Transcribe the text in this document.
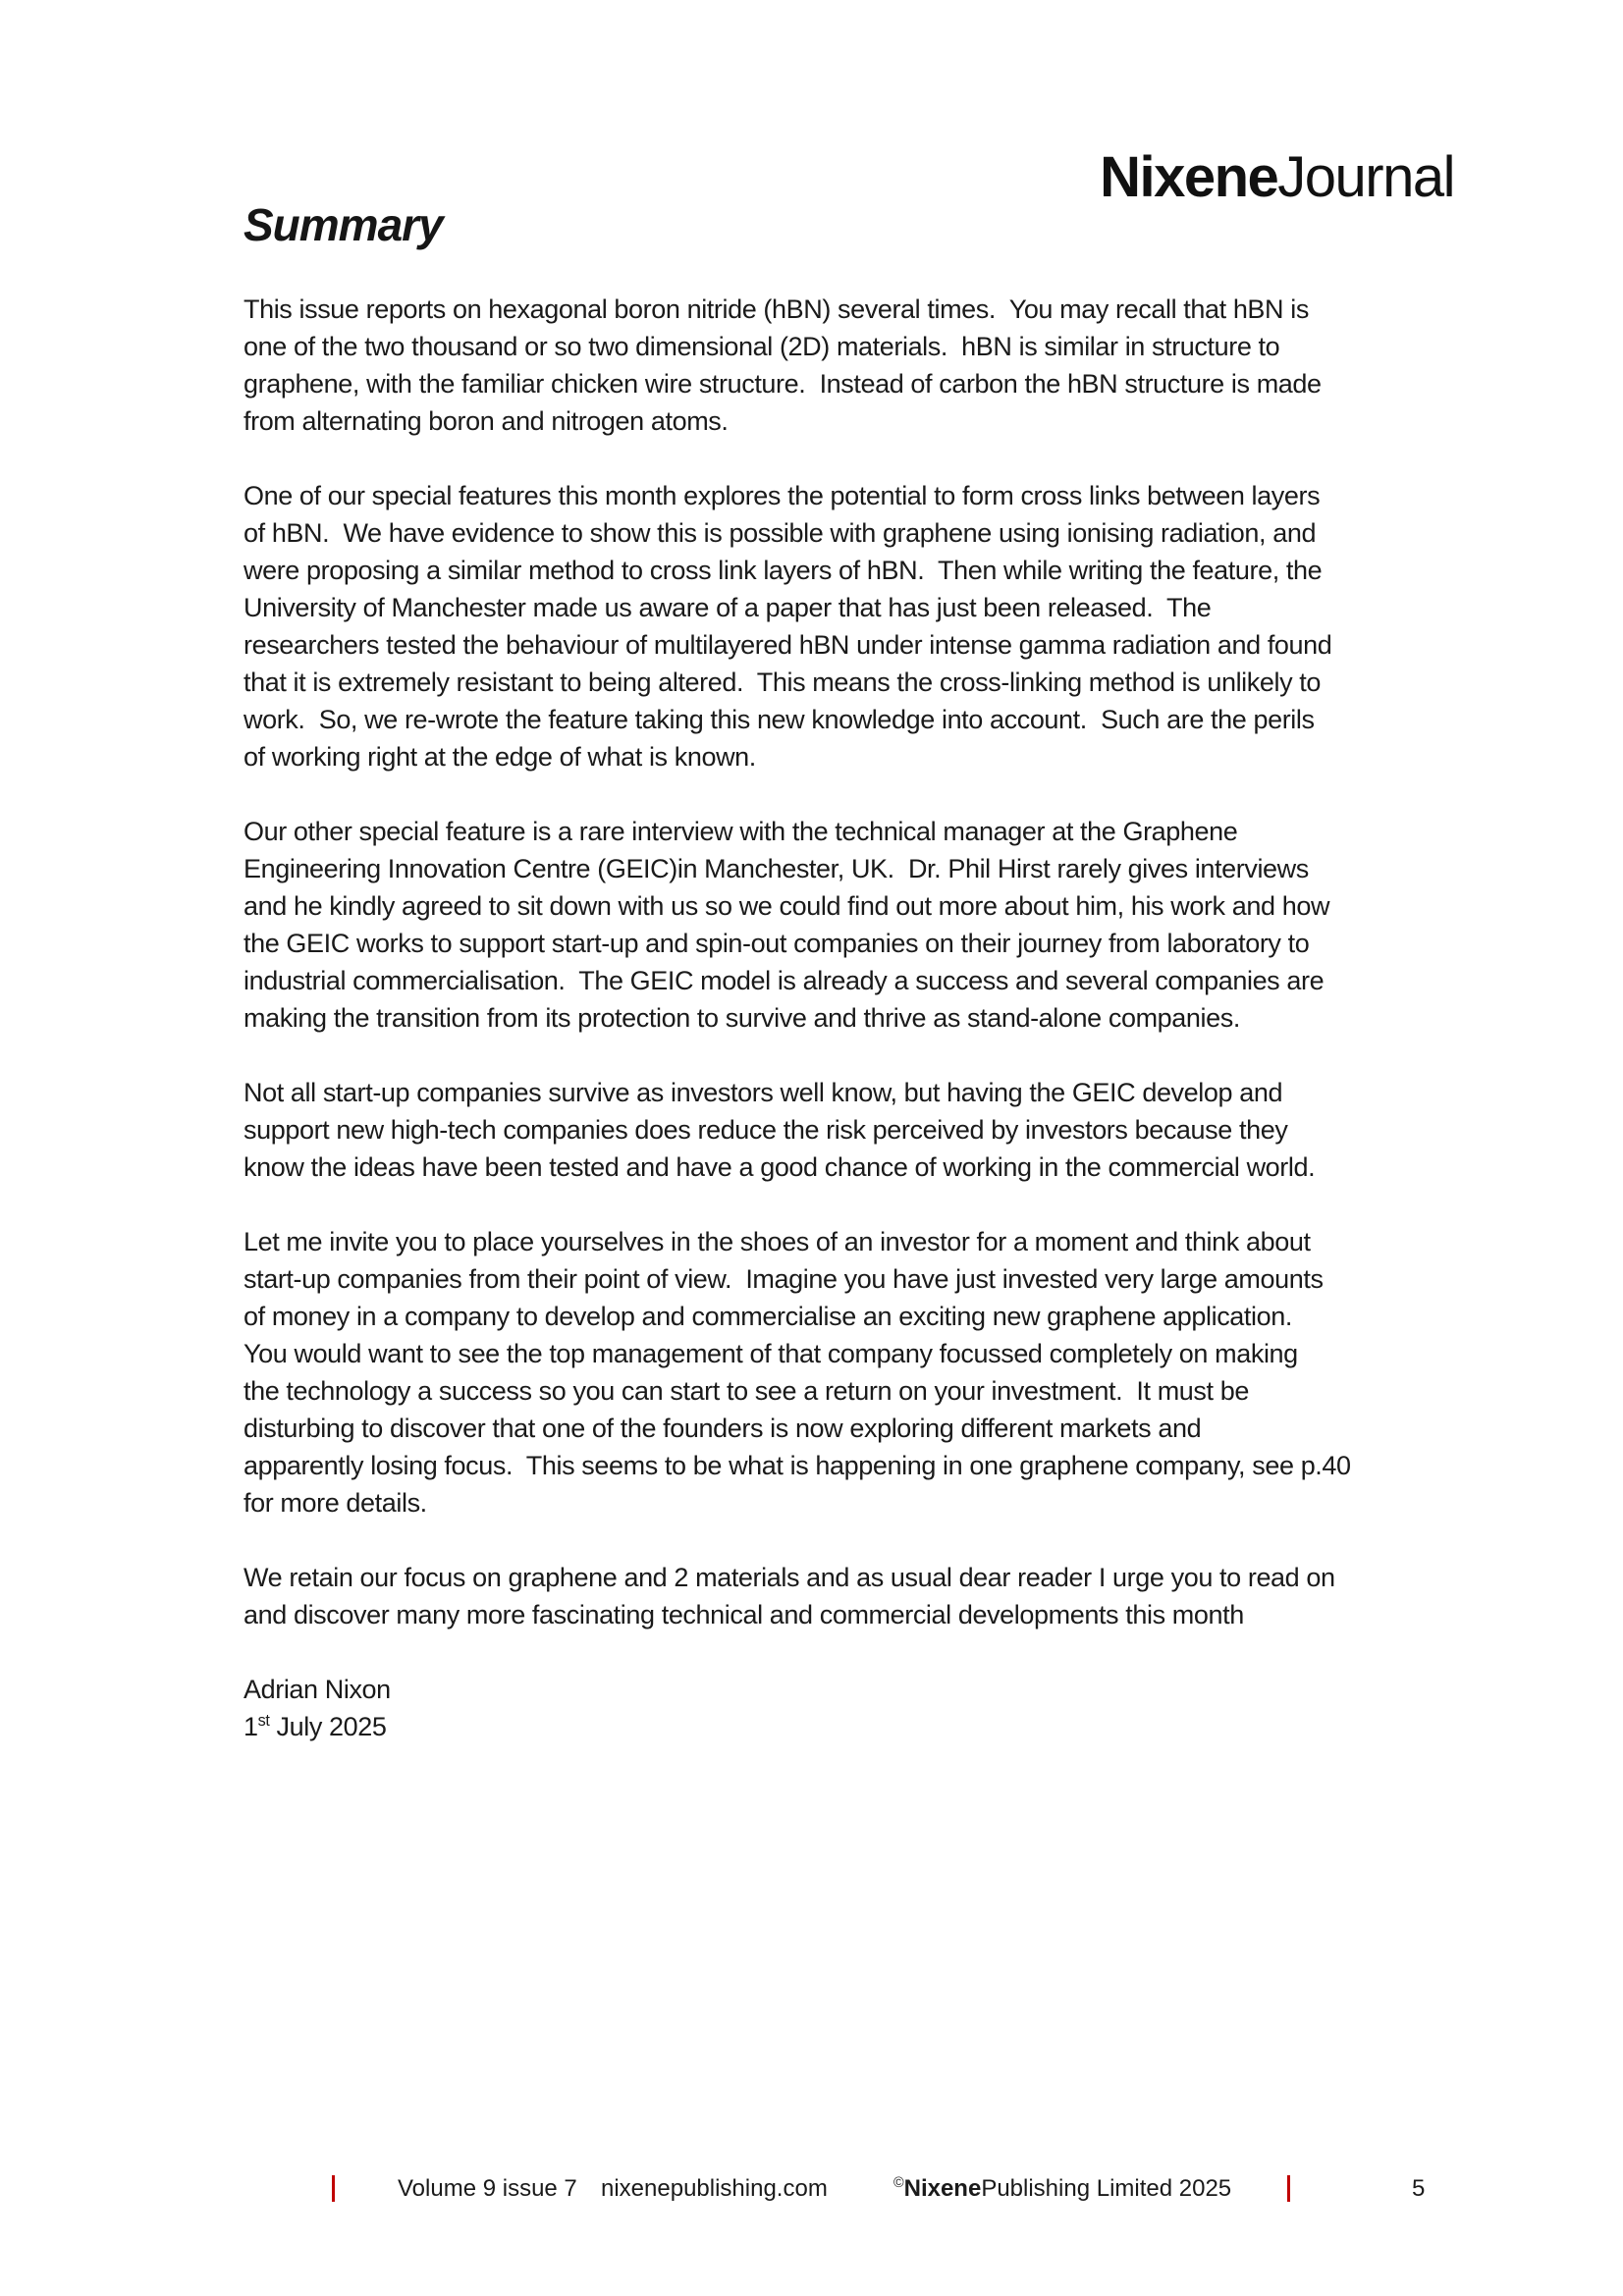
NixeneJournal

Summary
This issue reports on hexagonal boron nitride (hBN) several times.  You may recall that hBN is
one of the two thousand or so two dimensional (2D) materials.  hBN is similar in structure to
graphene, with the familiar chicken wire structure.  Instead of carbon the hBN structure is made
from alternating boron and nitrogen atoms.
One of our special features this month explores the potential to form cross links between layers
of hBN.  We have evidence to show this is possible with graphene using ionising radiation, and
were proposing a similar method to cross link layers of hBN.  Then while writing the feature, the
University of Manchester made us aware of a paper that has just been released.  The
researchers tested the behaviour of multilayered hBN under intense gamma radiation and found
that it is extremely resistant to being altered.  This means the cross-linking method is unlikely to
work.  So, we re-wrote the feature taking this new knowledge into account.  Such are the perils
of working right at the edge of what is known.
Our other special feature is a rare interview with the technical manager at the Graphene
Engineering Innovation Centre (GEIC)in Manchester, UK.  Dr. Phil Hirst rarely gives interviews
and he kindly agreed to sit down with us so we could find out more about him, his work and how
the GEIC works to support start-up and spin-out companies on their journey from laboratory to
industrial commercialisation.  The GEIC model is already a success and several companies are
making the transition from its protection to survive and thrive as stand-alone companies.
Not all start-up companies survive as investors well know, but having the GEIC develop and
support new high-tech companies does reduce the risk perceived by investors because they
know the ideas have been tested and have a good chance of working in the commercial world.
Let me invite you to place yourselves in the shoes of an investor for a moment and think about
start-up companies from their point of view.  Imagine you have just invested very large amounts
of money in a company to develop and commercialise an exciting new graphene application.
You would want to see the top management of that company focussed completely on making
the technology a success so you can start to see a return on your investment.  It must be
disturbing to discover that one of the founders is now exploring different markets and
apparently losing focus.  This seems to be what is happening in one graphene company, see p.40
for more details.
We retain our focus on graphene and 2 materials and as usual dear reader I urge you to read on
and discover many more fascinating technical and commercial developments this month
Adrian Nixon
1st July 2025
Volume 9 issue 7 nixenepublishing.com	©NixenePublishing Limited 2025	5
